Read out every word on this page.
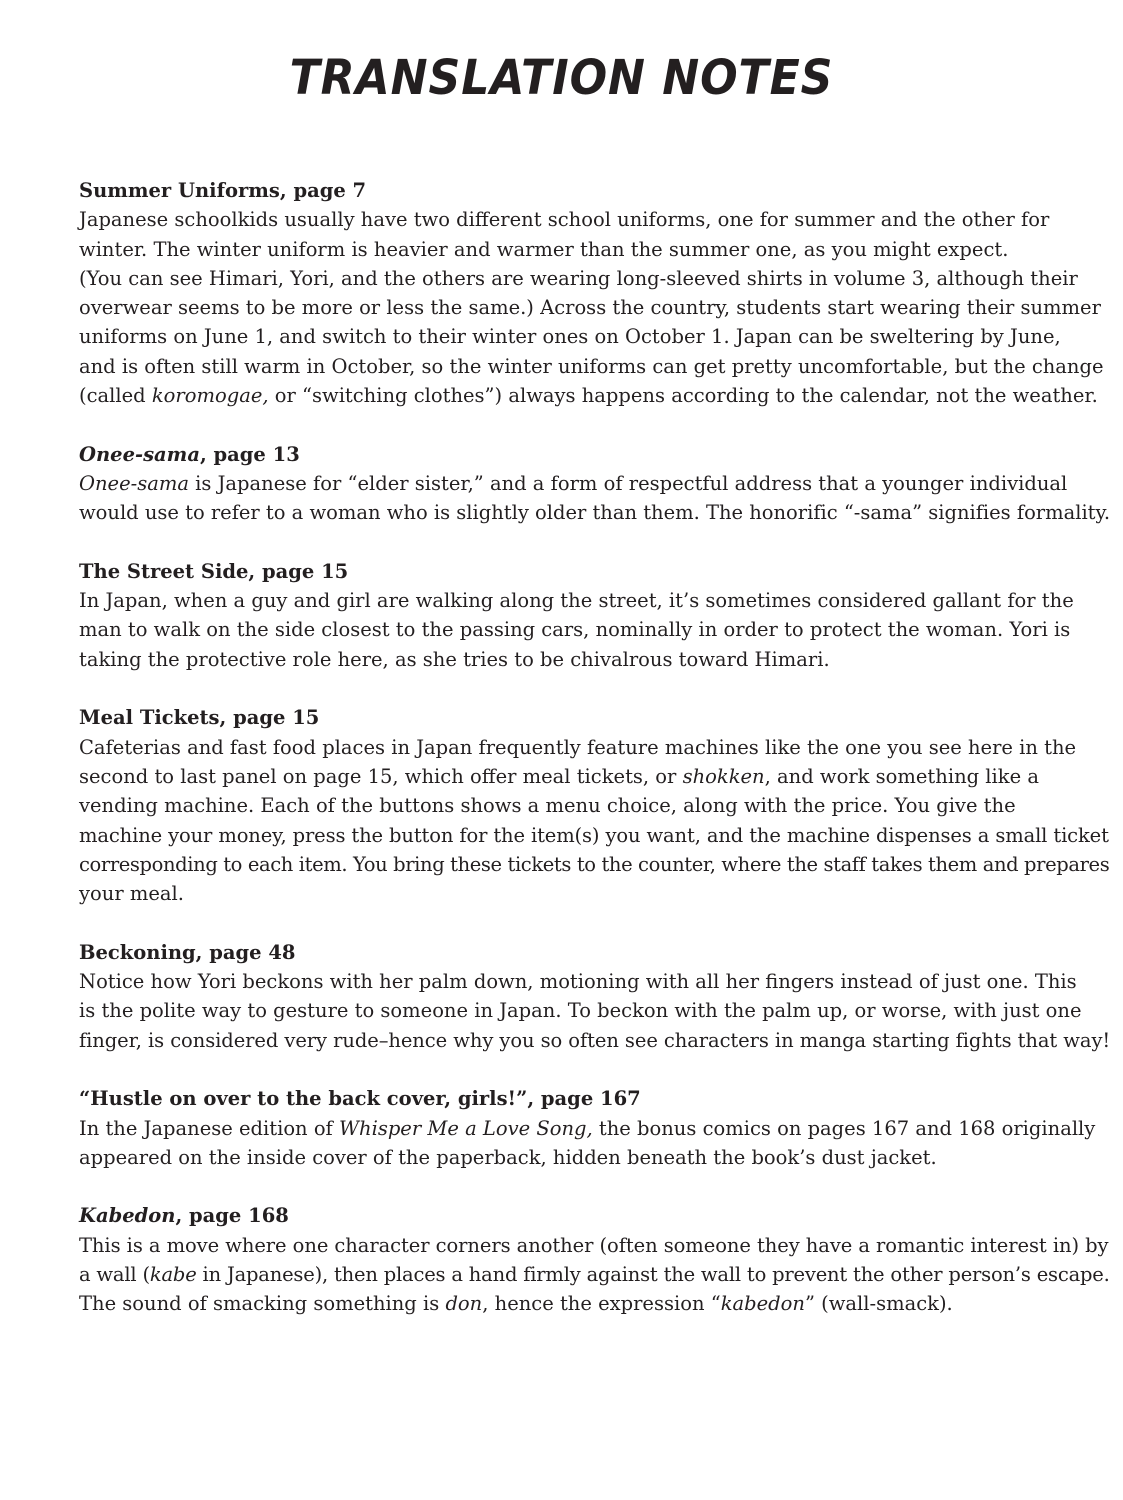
TRANSLATION NOTES
Summer Uniforms, page 7
Japanese schoolkids usually have two different school uniforms, one for summer and the other for
winter. The winter uniform is heavier and warmer than the summer one, as you might expect.
(You can see Himari, Yori, and the others are wearing long-sleeved shirts in volume 3, although their
overwear seems to be more or less the same.) Across the country, students start wearing their summer
uniforms on June 1, and switch to their winter ones on October 1. Japan can be sweltering by June,
and is often still warm in October, so the winter uniforms can get pretty uncomfortable, but the change
(called koromogae, or “switching clothes”) always happens according to the calendar, not the weather.
Onee-sama, page 13
Onee-sama is Japanese for “elder sister,” and a form of respectful address that a younger individual
would use to refer to a woman who is slightly older than them. The honorific “-sama” signifies formality.
The Street Side, page 15
In Japan, when a guy and girl are walking along the street, it’s sometimes considered gallant for the
man to walk on the side closest to the passing cars, nominally in order to protect the woman. Yori is
taking the protective role here, as she tries to be chivalrous toward Himari.
Meal Tickets, page 15
Cafeterias and fast food places in Japan frequently feature machines like the one you see here in the
second to last panel on page 15, which offer meal tickets, or shokken, and work something like a
vending machine. Each of the buttons shows a menu choice, along with the price. You give the
machine your money, press the button for the item(s) you want, and the machine dispenses a small ticket
corresponding to each item. You bring these tickets to the counter, where the staff takes them and prepares
your meal.
Beckoning, page 48
Notice how Yori beckons with her palm down, motioning with all her fingers instead of just one. This
is the polite way to gesture to someone in Japan. To beckon with the palm up, or worse, with just one
finger, is considered very rude–hence why you so often see characters in manga starting fights that way!
“Hustle on over to the back cover, girls!”, page 167
In the Japanese edition of Whisper Me a Love Song, the bonus comics on pages 167 and 168 originally
appeared on the inside cover of the paperback, hidden beneath the book’s dust jacket.
Kabedon, page 168
This is a move where one character corners another (often someone they have a romantic interest in) by
a wall (kabe in Japanese), then places a hand firmly against the wall to prevent the other person’s escape.
The sound of smacking something is don, hence the expression “kabedon” (wall-smack).
